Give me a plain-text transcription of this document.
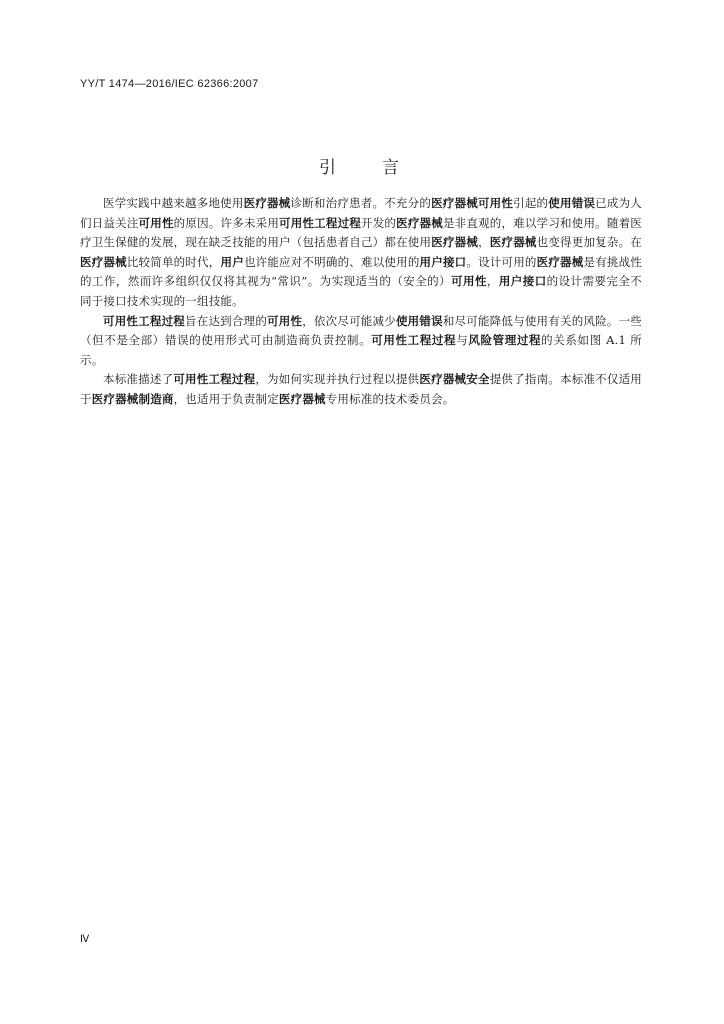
YY/T 1474—2016/IEC 62366:2007
引言

医学实践中越来越多地使用医疗器械诊断和治疗患者。不充分的医疗器械可用性引起的使用错误已成为人们日益关注可用性的原因。许多未采用可用性工程过程开发的医疗器械是非直观的，难以学习和使用。随着医疗卫生保健的发展，现在缺乏技能的用户（包括患者自己）都在使用医疗器械，医疗器械也变得更加复杂。在医疗器械比较简单的时代，用户也许能应对不明确的、难以使用的用户接口。设计可用的医疗器械是有挑战性的工作，然而许多组织仅仅将其视为“常识”。为实现适当的（安全的）可用性，用户接口的设计需要完全不同于接口技术实现的一组技能。

可用性工程过程旨在达到合理的可用性，依次尽可能减少使用错误和尽可能降低与使用有关的风险。一些（但不是全部）错误的使用形式可由制造商负责控制。可用性工程过程与风险管理过程的关系如图 A.1 所示。

本标准描述了可用性工程过程，为如何实现并执行过程以提供医疗器械安全提供了指南。本标准不仅适用于医疗器械制造商，也适用于负责制定医疗器械专用标准的技术委员会。

Ⅳ
